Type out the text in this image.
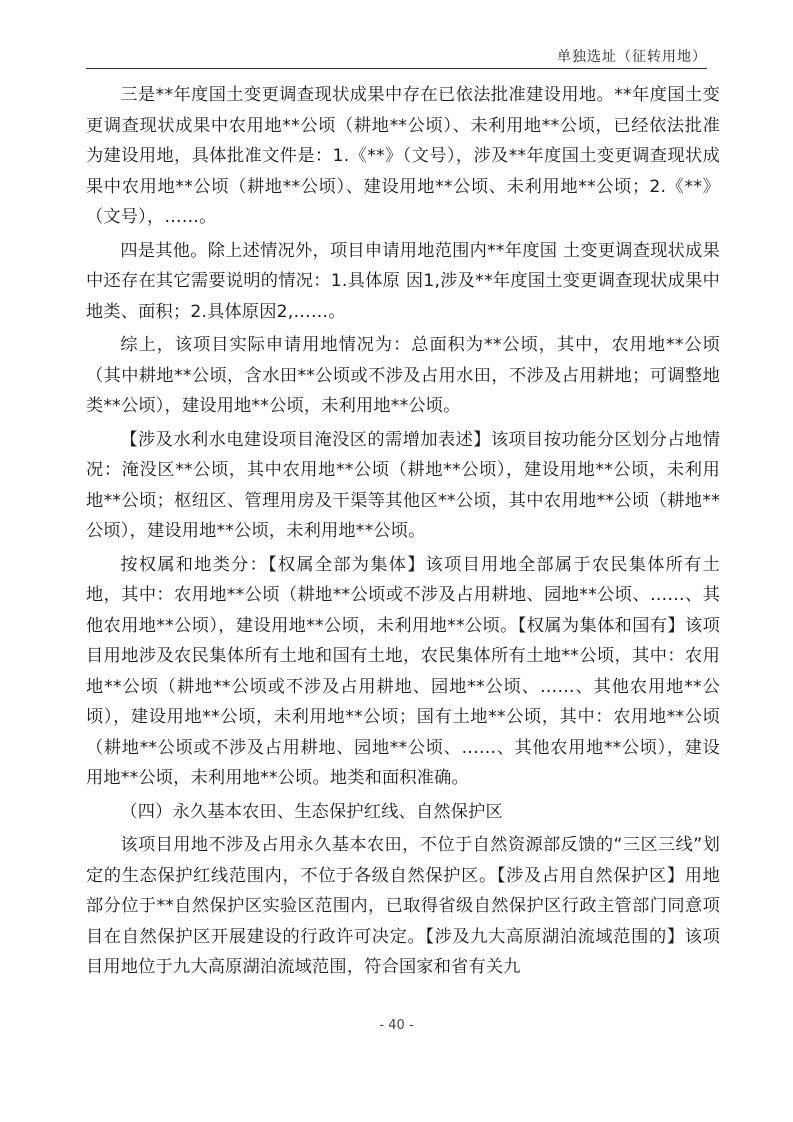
单独选址（征转用地）

三是**年度国土变更调查现状成果中存在已依法批准建设用地。**年度国土变更调查现状成果中农用地**公顷（耕地**公顷）、未利用地**公顷，已经依法批准为建设用地，具体批准文件是：1.《**》（文号），涉及**年度国土变更调查现状成果中农用地**公顷（耕地**公顷）、建设用地**公顷、未利用地**公顷；2.《**》（文号），……。

四是其他。除上述情况外，项目申请用地范围内**年度国 土变更调查现状成果中还存在其它需要说明的情况：1.具体原 因1,涉及**年度国土变更调查现状成果中地类、面积；2.具体原因2,……。

综上，该项目实际申请用地情况为：总面积为**公顷，其中，农用地**公顷（其中耕地**公顷，含水田**公顷或不涉及占用水田，不涉及占用耕地；可调整地类**公顷），建设用地**公顷，未利用地**公顷。

【涉及水利水电建设项目淹没区的需增加表述】该项目按功能分区划分占地情况：淹没区**公顷，其中农用地**公顷（耕地**公顷），建设用地**公顷，未利用地**公顷；枢纽区、管理用房及干渠等其他区**公顷，其中农用地**公顷（耕地**公顷），建设用地**公顷，未利用地**公顷。

按权属和地类分：【权属全部为集体】该项目用地全部属于农民集体所有土地，其中：农用地**公顷（耕地**公顷或不涉及占用耕地、园地**公顷、……、其他农用地**公顷），建设用地**公顷，未利用地**公顷。【权属为集体和国有】该项目用地涉及农民集体所有土地和国有土地，农民集体所有土地**公顷，其中：农用地**公顷（耕地**公顷或不涉及占用耕地、园地**公顷、……、其他农用地**公顷），建设用地**公顷，未利用地**公顷；国有土地**公顷，其中：农用地**公顷（耕地**公顷或不涉及占用耕地、园地**公顷、……、其他农用地**公顷），建设用地**公顷，未利用地**公顷。地类和面积准确。

（四）永久基本农田、生态保护红线、自然保护区

该项目用地不涉及占用永久基本农田，不位于自然资源部反馈的“三区三线”划定的生态保护红线范围内，不位于各级自然保护区。【涉及占用自然保护区】用地部分位于**自然保护区实验区范围内，已取得省级自然保护区行政主管部门同意项目在自然保护区开展建设的行政许可决定。【涉及九大高原湖泊流域范围的】该项目用地位于九大高原湖泊流域范围，符合国家和省有关九

- 40 -
